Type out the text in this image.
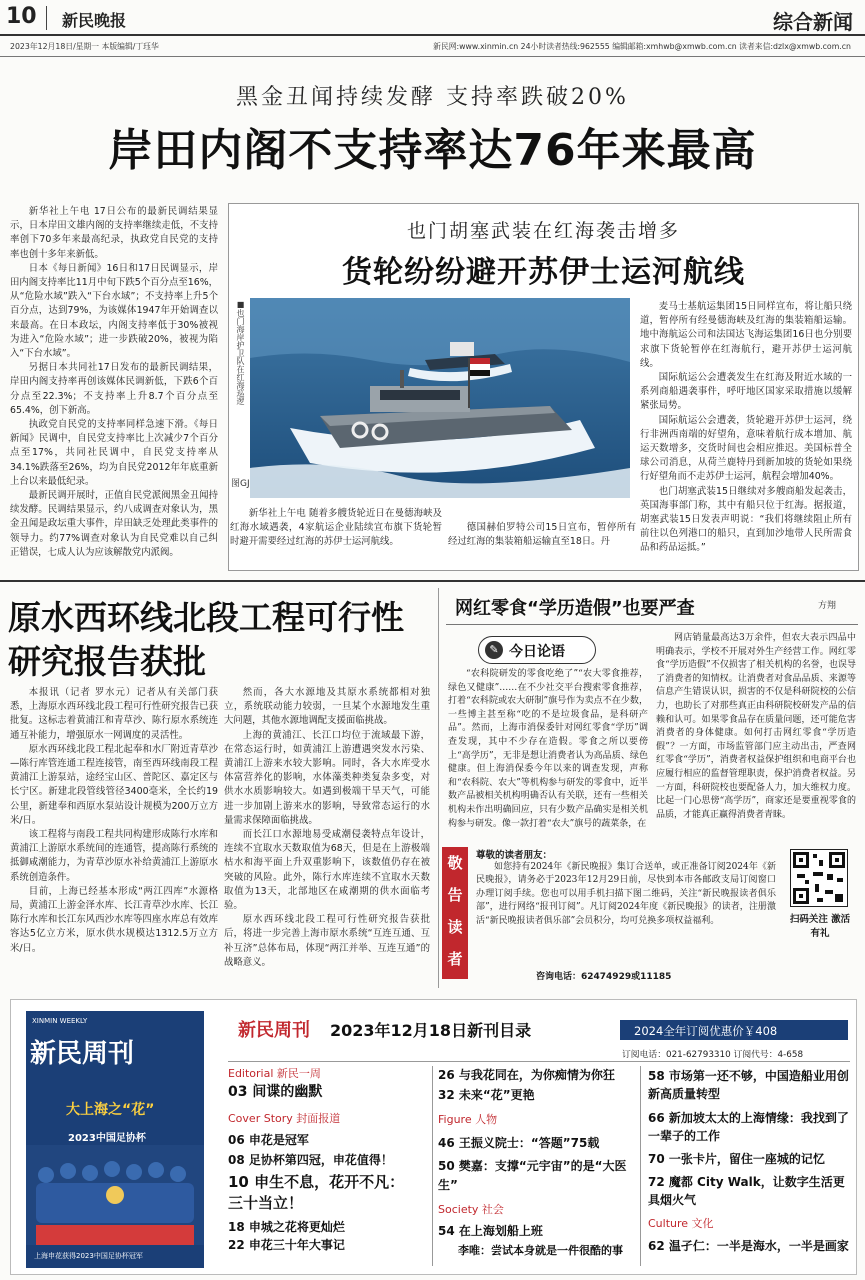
10 新民晚报	综合新闻
2023年12月18日/星期一 本版编辑/丁珏华	新民网:www.xinmin.cn 24小时读者热线:962555 编辑邮箱:xmhwb@xmwb.com.cn 读者来信:dzlx@xmwb.com.cn
黑金丑闻持续发酵 支持率跌破20%
岸田内阁不支持率达76年来最高

新华社上午电 17日公布的最新民调结果显示，日本岸田文雄内阁的支持率继续走低，不支持率创下70多年来最高纪录，执政党自民党的支持率也创十多年来新低。

日本《每日新闻》16日和17日民调显示，岸田内阁支持率比11月中旬下跌5个百分点至16%，从“危险水域”跌入“下台水域”；不支持率上升5个百分点，达到79%，为该媒体1947年开始调查以来最高。在日本政坛，内阁支持率低于30%被视为进入“危险水域”；进一步跌破20%，被视为陷入“下台水域”。

另据日本共同社17日发布的最新民调结果，岸田内阁支持率再创该媒体民调新低，下跌6个百分点至22.3%；不支持率上升8.7个百分点至65.4%，创下新高。

执政党自民党的支持率同样急速下滑。《每日新闻》民调中，自民党支持率比上次减少7个百分点至17%，共同社民调中，自民党支持率从34.1%跌落至26%，均为自民党2012年年底重新上台以来最低纪录。

最新民调开展时，正值自民党派阀黑金丑闻持续发酵。民调结果显示，约八成调查对象认为，黑金丑闻是政坛重大事件，岸田缺乏处理此类事件的领导力。约77%调查对象认为自民党难以自己纠正错误，七成人认为应该解散党内派阀。

也门胡塞武装在红海袭击增多
货轮纷纷避开苏伊士运河航线
■也门海岸护卫队在红海巡逻
图GJ

新华社上午电 随着多艘货轮近日在曼德海峡及红海水域遇袭，4家航运企业陆续宣布旗下货轮暂时避开需要经过红海的苏伊士运河航线。

德国赫伯罗特公司15日宣布，暂停所有经过红海的集装箱船运输直至18日。丹

麦马士基航运集团15日同样宣布，将让船只绕道，暂停所有经曼德海峡及红海的集装箱船运输。地中海航运公司和法国达飞海运集团16日也分别要求旗下货轮暂停在红海航行，避开苏伊士运河航线。

国际航运公会遭袭发生在红海及附近水域的一系列商船遇袭事件，呼吁地区国家采取措施以缓解紧张局势。

国际航运公会遭袭，货轮避开苏伊士运河，绕行非洲西南端的好望角，意味着航行成本增加、航运天数增多，交货时间也会相应推迟。美国标普全球公司消息，从荷兰鹿特丹到新加坡的货轮如果绕行好望角而不走苏伊士运河，航程会增加40%。

也门胡塞武装15日继续对多艘商船发起袭击，英国海事部门称，其中有船只位于红海。据报道，胡塞武装15日发表声明说：“我们将继续阻止所有前往以色列港口的船只，直到加沙地带人民所需食品和药品运抵。”

原水西环线北段工程可行性研究报告获批

本报讯（记者 罗水元）记者从有关部门获悉，上海原水西环线北段工程可行性研究报告已获批复。这标志着黄浦江和青草沙、陈行原水系统连通互补能力，增强原水一网调度的灵活性。

原水西环线北段工程北起奉和水厂附近青草沙—陈行库管连通工程连接管，南至西环线南段工程黄浦江上游泵站，途经宝山区、普陀区、嘉定区与长宁区。新建北段管线管径3400毫米，全长约19公里，新建奉和西原水泵站设计规模为200万立方米/日。

该工程将与南段工程共同构建形成陈行水库和黄浦江上游原水系统间的连通管，提高陈行系统的抵御咸潮能力，为青草沙原水补给黄浦江上游原水系统创造条件。

目前，上海已经基本形成“两江四库”水源格局，黄浦江上游金泽水库、长江青草沙水库、长江陈行水库和长江东风西沙水库等四座水库总有效库容达5亿立方米，原水供水规模达1312.5万立方米/日。

然而，各大水源地及其原水系统都相对独立，系统联动能力较弱，一旦某个水源地发生重大问题，其他水源地调配支援面临挑战。

上海的黄浦江、长江口均位于流域最下游，在常态运行时，如黄浦江上游遭遇突发水污染、黄浦江上游来水较大影响。同时，各大水库受水体富营养化的影响，水体藻类种类复杂多变，对供水水质影响较大。如遇到极端干旱天气，可能进一步加剧上游来水的影响，导致常态运行的水量需求保障面临挑战。

而长江口水源地易受咸潮侵袭特点年设计，连续不宜取水天数取值为68天，但是在上游极端枯水和海平面上升双重影响下，该数值仍存在被突破的风险。此外，陈行水库连续不宜取水天数取值为13天，北部地区在咸潮期的供水面临考验。

原水西环线北段工程可行性研究报告获批后，将进一步完善上海市原水系统“互连互通、互补互济”总体布局，体现“两江并举、互连互通”的战略意义。

网红零食“学历造假”也要严查	方翔
✎ 今日论语

“农科院研发的零食吃绝了”“农大零食推荐，绿色又健康”……在不少社交平台搜索零食推荐，打着“农科院或农大研制”旗号作为卖点不在少数，一些博主甚至称“吃的不是垃圾食品，是科研产品”。然而，上海市消保委针对网红零食“学历”调查发现，其中不少存在造假。零食之所以要傍上“高学历”，无非是想让消费者认为高品质、绿色健康。但上海消保委今年以来的调查发现，声称和“农科院、农大”等机构参与研发的零食中，近半数产品被相关机构明确否认有关联，还有一些相关机构未作出明确回应，只有少数产品确实是相关机构参与研发。像一款打着“农大”旗号的蔬菜条，在

网店销量最高达3万余件，但农大表示四品中明确表示，学校不开展对外生产经营工作。网红零食“学历造假”不仅损害了相关机构的名誉，也误导了消费者的知情权。让消费者对食品品质、来源等信息产生错误认识，损害的不仅是科研院校的公信力，也助长了对那些真正由科研院校研发产品的信赖和认可。如果零食品存在质量问题，还可能危害消费者的身体健康。如何打击网红零食“学历造假”？一方面，市场监管部门应主动出击，严查网红零食“学历”，消费者权益保护组织和电商平台也应履行相应的监督管理职责，保护消费者权益。另一方面，科研院校也要配备人力，加大维权力度。比起一门心思傍“高学历”，商家还是要重视零食的品质，才能真正赢得消费者青睐。

敬
告
读
者
尊敬的读者朋友：

如您持有2024年《新民晚报》集订合送单，或正准备订阅2024年《新民晚报》，请务必于2023年12月29日前，尽快到本市各邮政支局订阅窗口办理订阅手续。您也可以用手机扫描下图二维码，关注“新民晚报读者俱乐部”，进行网络“报刊订阅”。凡订阅2024年度《新民晚报》的读者，注册激活“新民晚报读者俱乐部”会员积分，均可兑换多项权益福利。

咨询电话：62474929或11185
扫码关注 激活有礼
新民周刊
XINMIN WEEKLY
大上海之“花”
2023中国足协杯
上海申花获得2023中国足协杯冠军
新民周刊 2023年12月18日新刊目录	2024全年订阅优惠价￥408
订阅电话：021-62793310 订阅代号：4-658
Editorial 新民一周
03 间谍的幽默
Cover Story 封面报道
06 申花是冠军
08 足协杯第四冠，申花值得！
10 申生不息，花开不凡：三十当立！
18 申城之花将更灿烂
22 申花三十年大事记
26 与我花同在，为你痴情为你狂
32 未来“花”更艳
Figure 人物
46 王振义院士：“答题”75载
50 樊嘉：支撑“元宇宙”的是“大医生”
Society 社会
54 在上海划船上班
李唯：尝试本身就是一件很酷的事
58 市场第一还不够，中国造船业用创新高质量转型
66 新加坡太太的上海情缘：我找到了一辈子的工作
70 一张卡片，留住一座城的记忆
72 魔都 City Walk，让数字生活更具烟火气
Culture 文化
62 温孑仁：一半是海水，一半是画家
